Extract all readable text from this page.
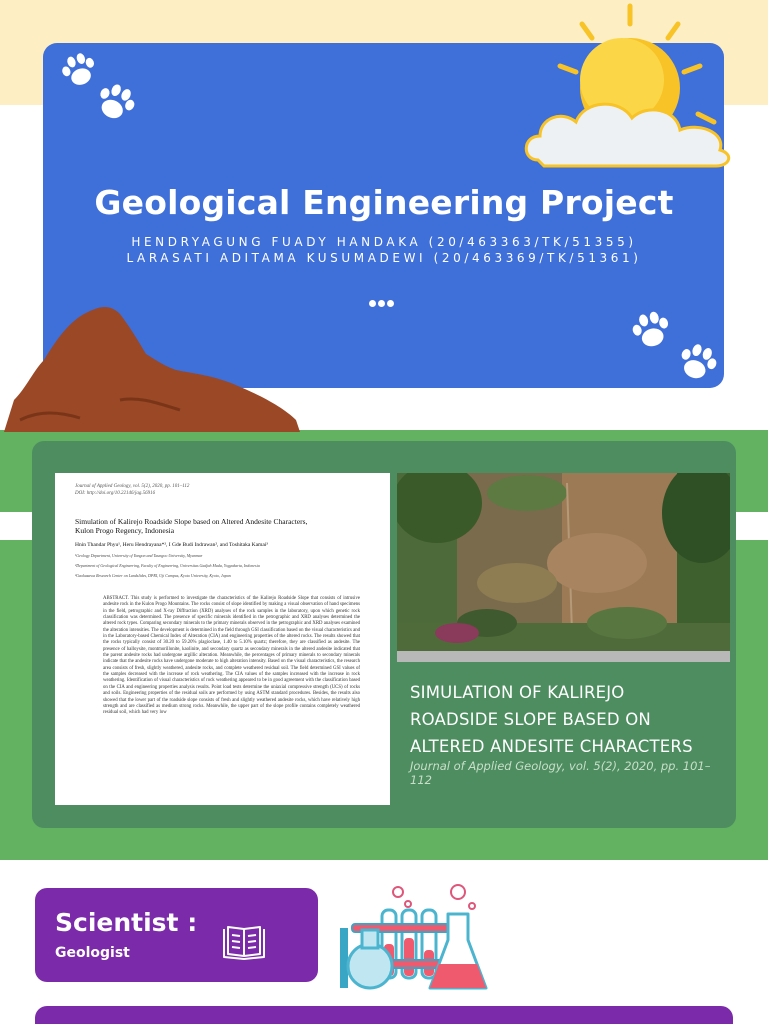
Geological Engineering Project
HENDRYAGUNG FUADY HANDAKA (20/463363/TK/51355)
LARASATI ADITAMA KUSUMADEWI (20/463369/TK/51361)
Journal of Applied Geology, vol. 5(2), 2020, pp. 101–112
DOI: http://doi.org/10.22146/jag.56916
Simulation of Kalirejo Roadside Slope based on Altered Andesite Characters, Kulon Progo Regency, Indonesia
Hnin Thandar Phyu¹, Heru Hendrayana*², I Gde Budi Indrawan², and Toshitaka Kamai³
¹Geology Department, University of Yangon and Taungoo University, Myanmar
²Department of Geological Engineering, Faculty of Engineering, Universitas Gadjah Mada, Yogyakarta, Indonesia
³Gaokazawa Research Center on Landslides, DPRI, Uji Campus, Kyoto University, Kyoto, Japan
ABSTRACT. This study is performed to investigate the characteristics of the Kalirejo Roadside Slope that consists of intrusive andesite rock in the Kulon Progo Mountains. The rocks consist of slope identified by making a visual observation of hand specimens in the field, petrographic and X-ray Diffraction (XRD) analyses of the rock samples in the laboratory, upon which genetic rock classification was determined. The presence of specific minerals identified in the petrographic and XRD analyses determined the altered rock types. Comparing secondary minerals to the primary minerals observed in the petrographic and XRD analyses examined the alteration intensities. The development is determined in the field through GSI classification based on the visual characteristics and in the Laboratory-based Chemical Index of Alteration (CIA) and engineering properties of the altered rocks. The results showed that the rocks typically consist of 30.20 to 59.20% plagioclase, 1.40 to 5.10% quartz; therefore, they are classified as andesite. The presence of halloysite, montmorillonite, kaolinite, and secondary quartz as secondary minerals in the altered andesite indicated that the parent andesite rocks had undergone argillic alteration. Meanwhile, the percentages of primary minerals to secondary minerals indicate that the andesite rocks have undergone moderate to high alteration intensity. Based on the visual characteristics, the research area consists of fresh, slightly weathered, andesite rocks, and complete weathered residual soil. The field determined GSI values of the samples decreased with the increase of rock weathering. The CIA values of the samples increased with the increase in rock weathering. Identification of visual characteristics of rock weathering appeared to be in good agreement with the classification based on the CIA and engineering properties analysis results. Point load tests determine the uniaxial compressive strength (UCS) of rocks and soils. Engineering properties of the residual soils are performed by using ASTM standard procedures. Besides, the results also showed that the lower part of the roadside slope consists of fresh and slightly weathered andesite rocks, which have relatively high strength and are classified as medium strong rocks. Meanwhile, the upper part of the slope profile contains completely weathered residual soil, which had very low
SIMULATION OF KALIREJO
ROADSIDE SLOPE BASED ON
ALTERED ANDESITE CHARACTERS
Journal of Applied Geology, vol. 5(2), 2020, pp. 101–112
Scientist :
Geologist
